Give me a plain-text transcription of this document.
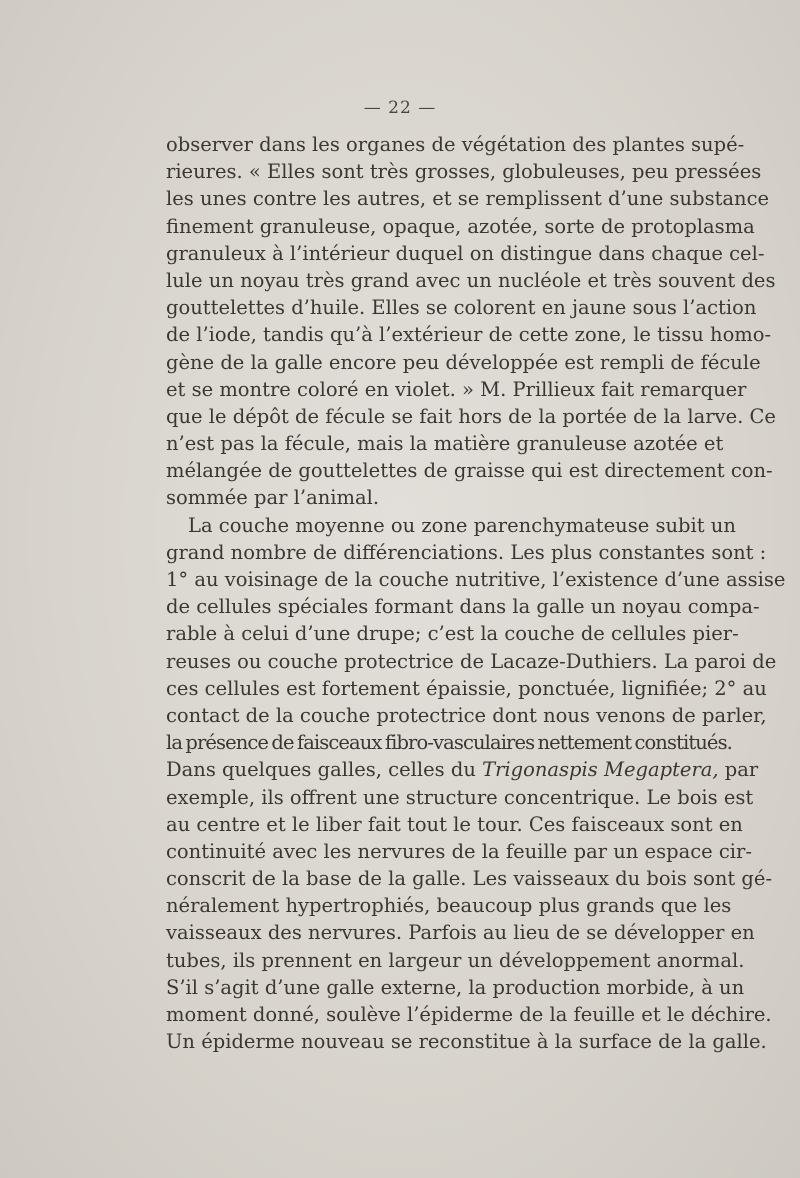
— 22 —
observer dans les organes de végétation des plantes supé-
rieures. « Elles sont très grosses, globuleuses, peu pressées
les unes contre les autres, et se remplissent d’une substance
finement granuleuse, opaque, azotée, sorte de protoplasma
granuleux à l’intérieur duquel on distingue dans chaque cel-
lule un noyau très grand avec un nucléole et très souvent des
gouttelettes d’huile. Elles se colorent en jaune sous l’action
de l’iode, tandis qu’à l’extérieur de cette zone, le tissu homo-
gène de la galle encore peu développée est rempli de fécule
et se montre coloré en violet. » M. Prillieux fait remarquer
que le dépôt de fécule se fait hors de la portée de la larve. Ce
n’est pas la fécule, mais la matière granuleuse azotée et
mélangée de gouttelettes de graisse qui est directement con-
sommée par l’animal.
La couche moyenne ou zone parenchymateuse subit un
grand nombre de différenciations. Les plus constantes sont :
1° au voisinage de la couche nutritive, l’existence d’une assise
de cellules spéciales formant dans la galle un noyau compa-
rable à celui d’une drupe; c’est la couche de cellules pier-
reuses ou couche protectrice de Lacaze-Duthiers. La paroi de
ces cellules est fortement épaissie, ponctuée, lignifiée; 2° au
contact de la couche protectrice dont nous venons de parler,
la présence de faisceaux fibro-vasculaires nettement constitués.
Dans quelques galles, celles du Trigonaspis Megaptera, par
exemple, ils offrent une structure concentrique. Le bois est
au centre et le liber fait tout le tour. Ces faisceaux sont en
continuité avec les nervures de la feuille par un espace cir-
conscrit de la base de la galle. Les vaisseaux du bois sont gé-
néralement hypertrophiés, beaucoup plus grands que les
vaisseaux des nervures. Parfois au lieu de se développer en
tubes, ils prennent en largeur un développement anormal.
S’il s’agit d’une galle externe, la production morbide, à un
moment donné, soulève l’épiderme de la feuille et le déchire.
Un épiderme nouveau se reconstitue à la surface de la galle.
